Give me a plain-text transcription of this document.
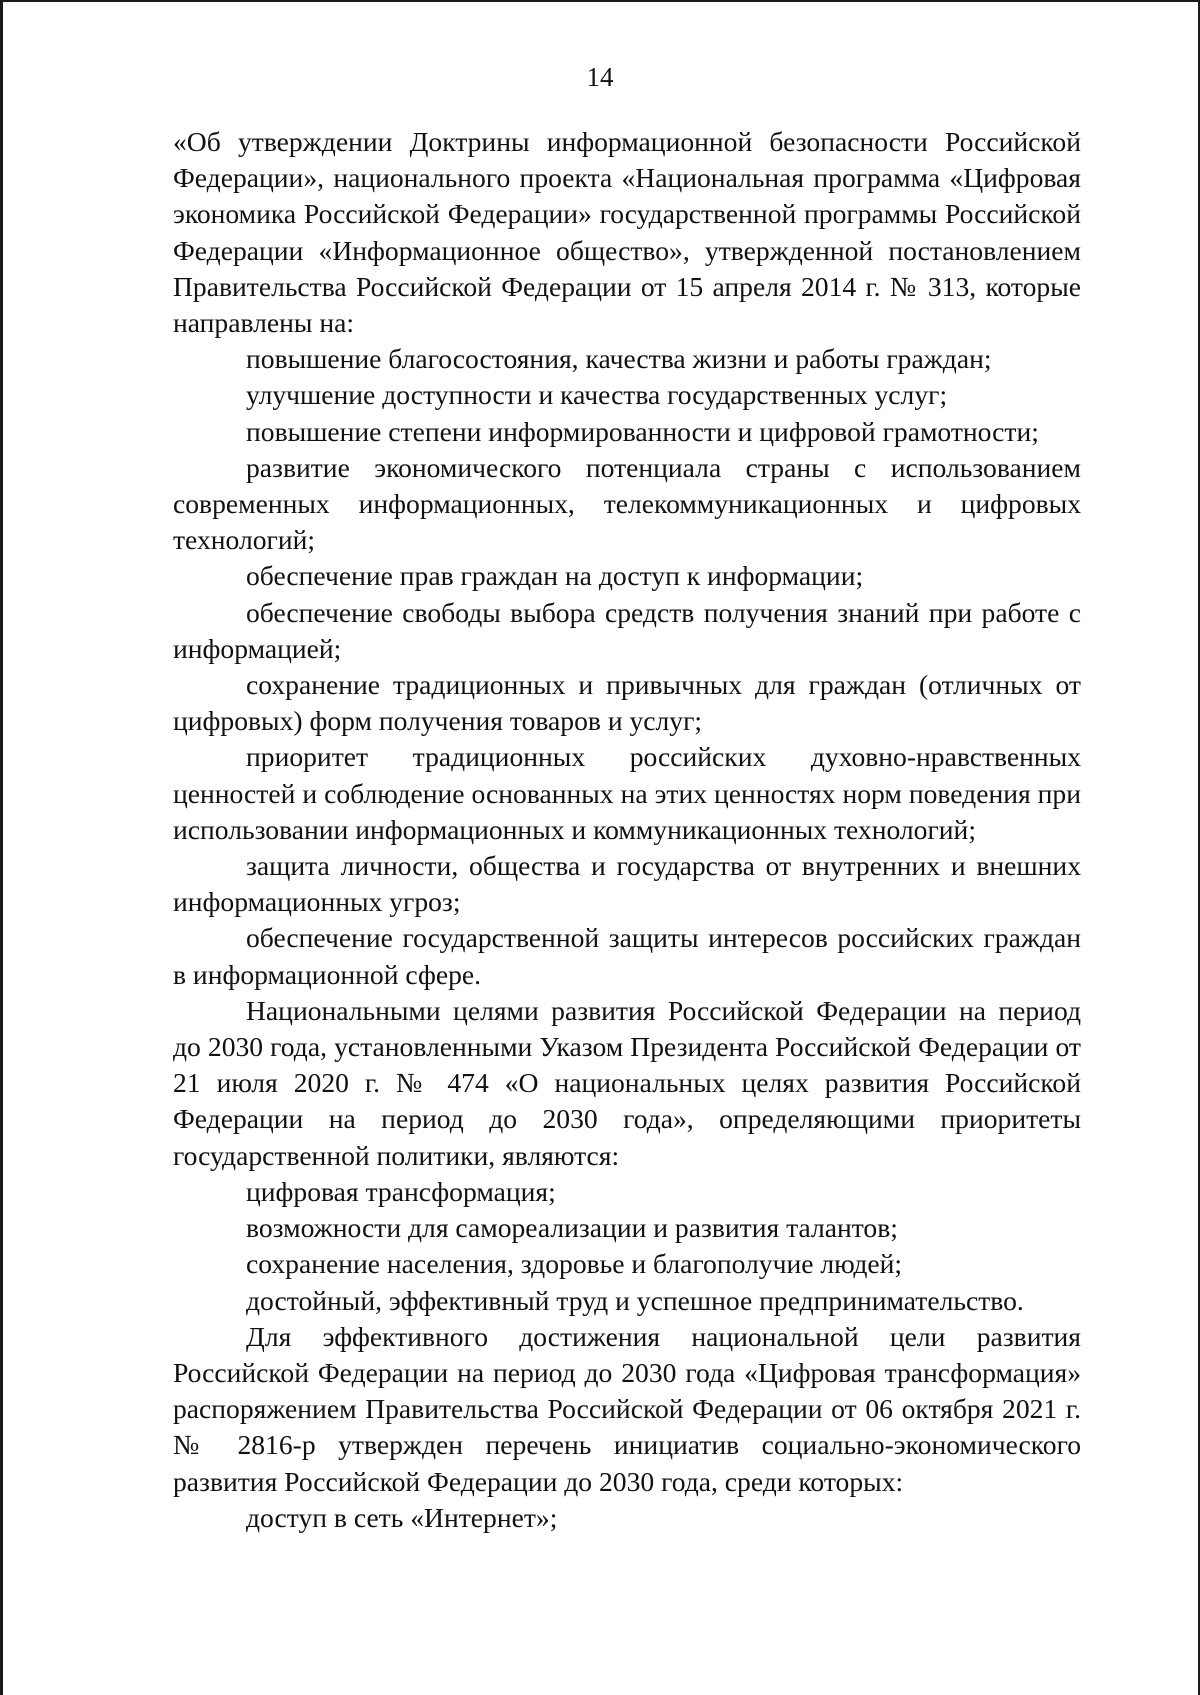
14

«Об утверждении Доктрины информационной безопасности Российской Федерации», национального проекта «Национальная программа «Цифровая экономика Российской Федерации» государственной программы Российской Федерации «Информационное общество», утвержденной постановлением Правительства Российской Федерации от 15 апреля 2014 г. № 313, которые направлены на:

повышение благосостояния, качества жизни и работы граждан;

улучшение доступности и качества государственных услуг;

повышение степени информированности и цифровой грамотности;

развитие экономического потенциала страны с использованием современных информационных, телекоммуникационных и цифровых технологий;

обеспечение прав граждан на доступ к информации;

обеспечение свободы выбора средств получения знаний при работе с информацией;

сохранение традиционных и привычных для граждан (отличных от цифровых) форм получения товаров и услуг;

приоритет традиционных российских духовно-нравственных ценностей и соблюдение основанных на этих ценностях норм поведения при использовании информационных и коммуникационных технологий;

защита личности, общества и государства от внутренних и внешних информационных угроз;

обеспечение государственной защиты интересов российских граждан в информационной сфере.

Национальными целями развития Российской Федерации на период до 2030 года, установленными Указом Президента Российской Федерации от 21 июля 2020 г. № 474 «О национальных целях развития Российской Федерации на период до 2030 года», определяющими приоритеты государственной политики, являются:

цифровая трансформация;

возможности для самореализации и развития талантов;

сохранение населения, здоровье и благополучие людей;

достойный, эффективный труд и успешное предпринимательство.

Для эффективного достижения национальной цели развития Российской Федерации на период до 2030 года «Цифровая трансформация» распоряжением Правительства Российской Федерации от 06 октября 2021 г. № 2816-р утвержден перечень инициатив социально-экономического развития Российской Федерации до 2030 года, среди которых:

доступ в сеть «Интернет»;
